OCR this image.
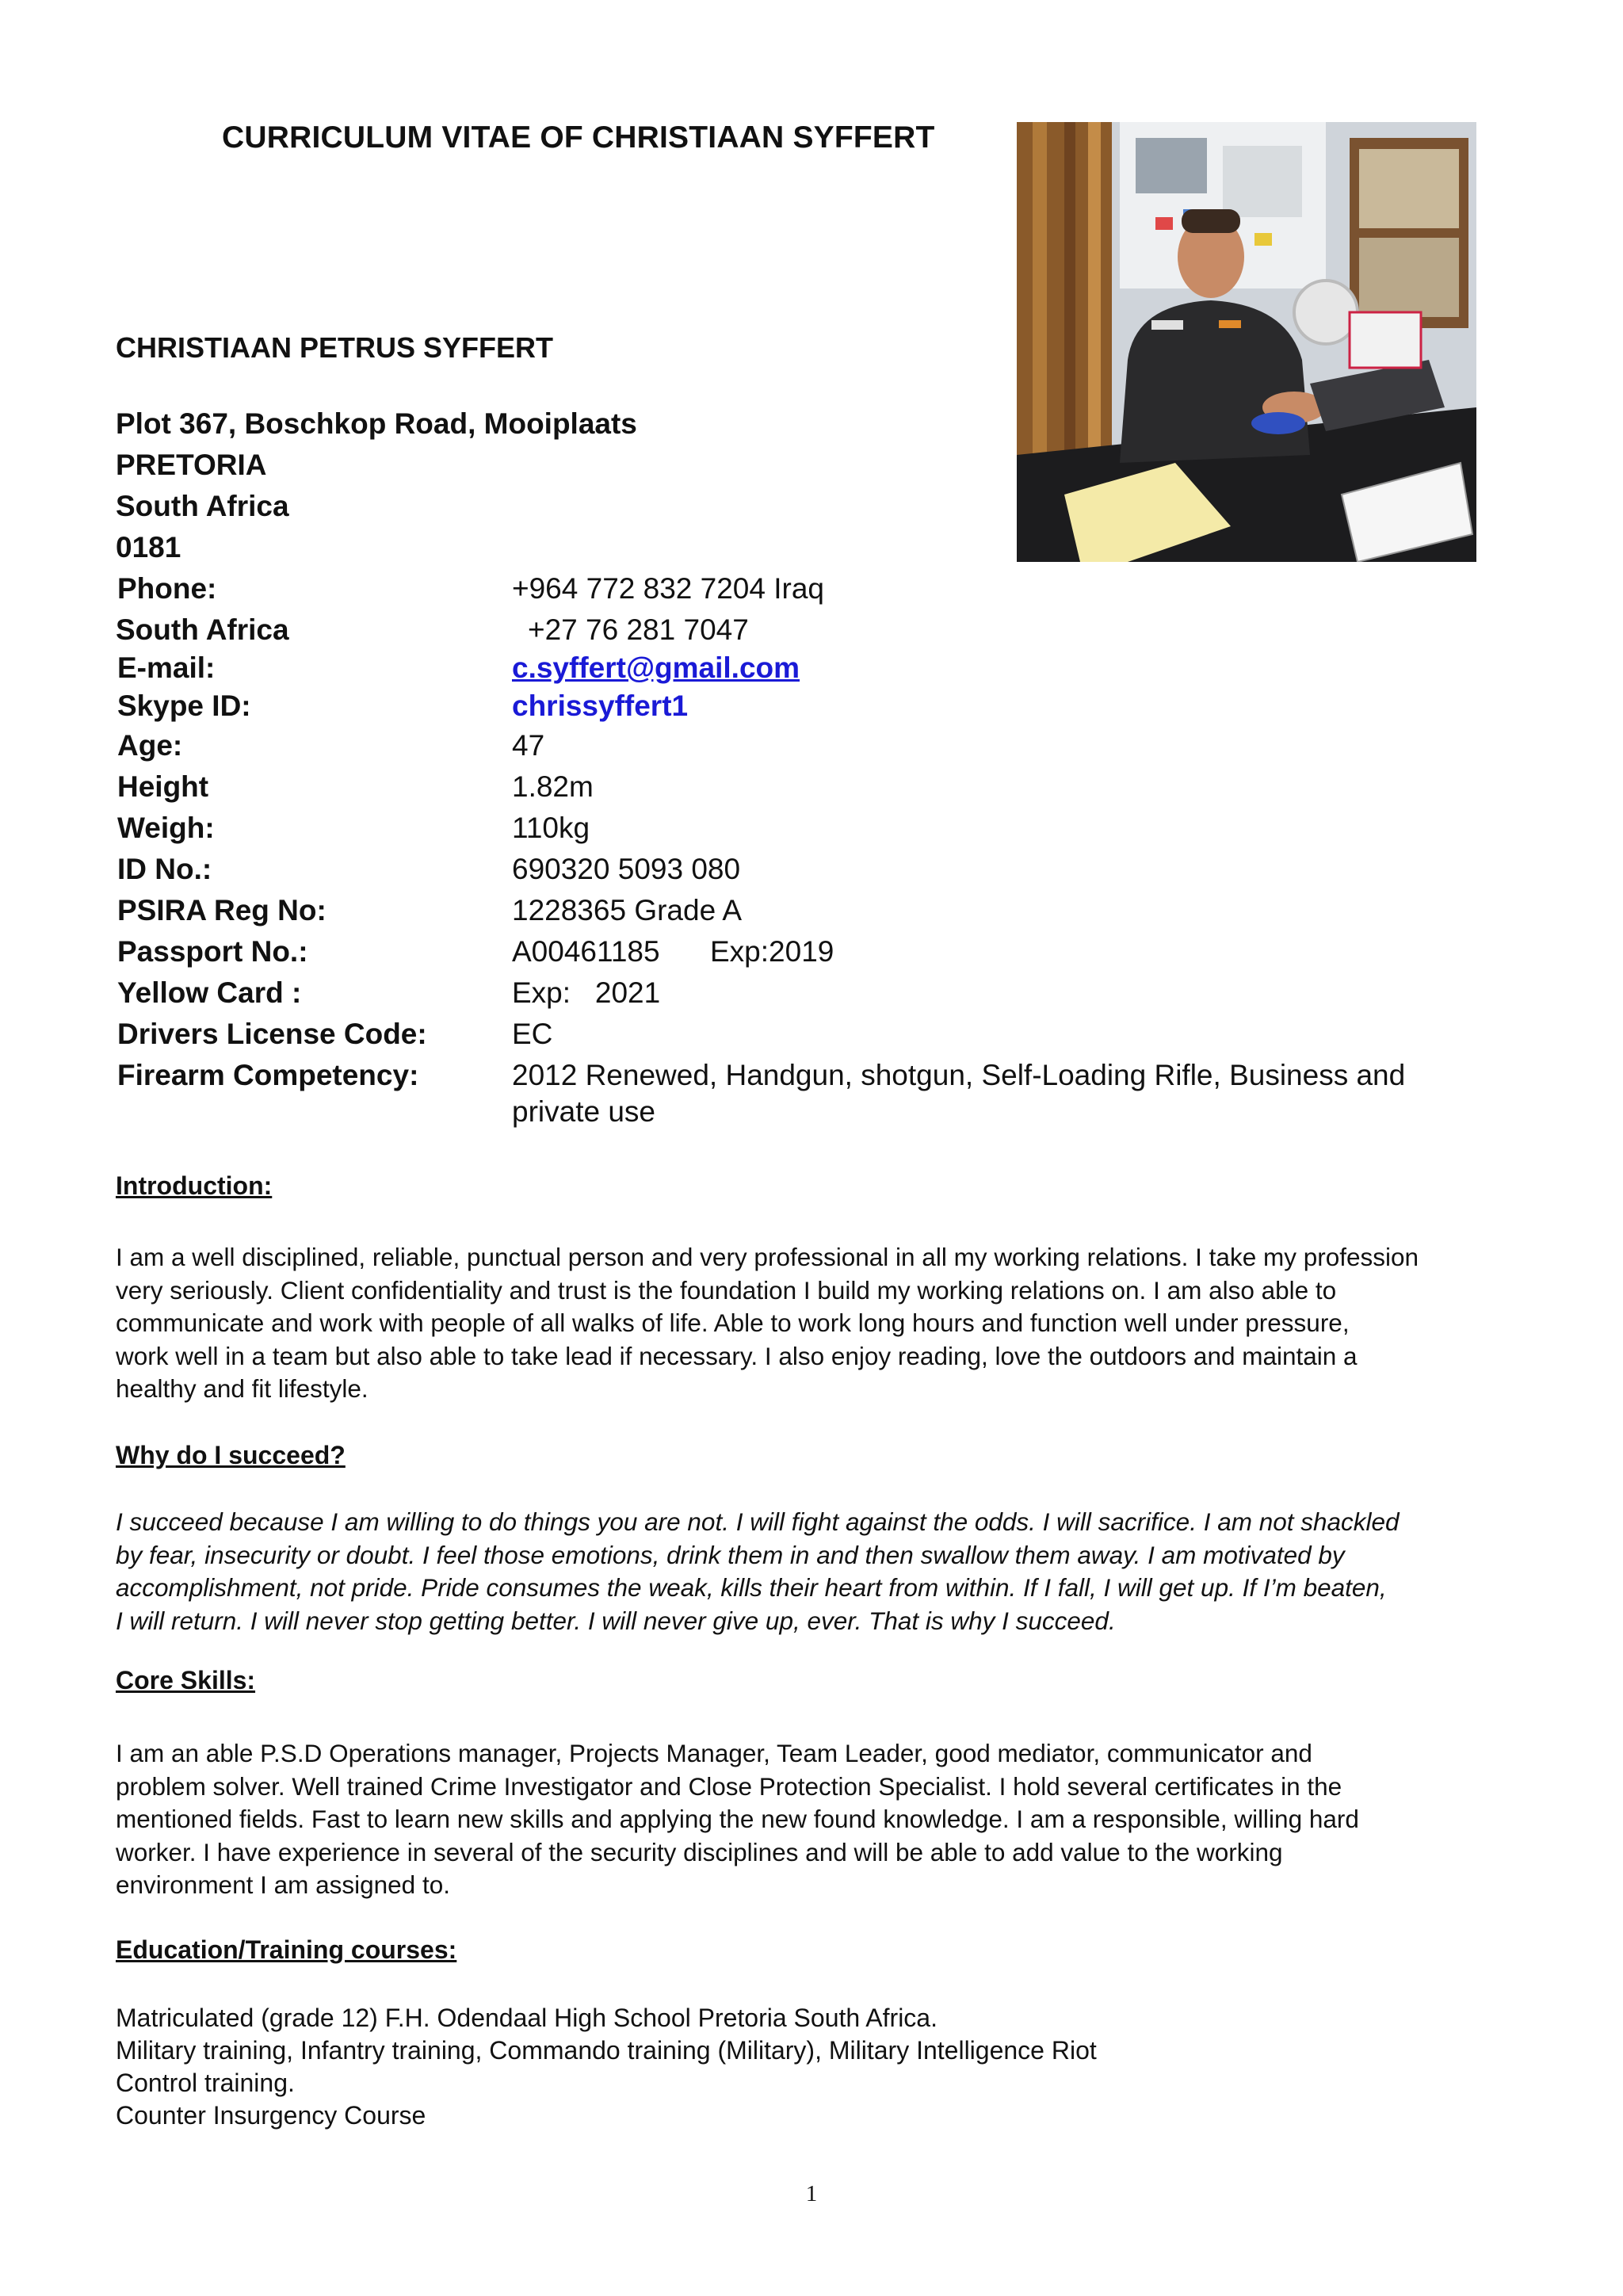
CURRICULUM VITAE OF CHRISTIAAN SYFFERT
CHRISTIAAN PETRUS SYFFERT
Plot 367, Boschkop Road, Mooiplaats
PRETORIA
South Africa
0181
Phone:	+964 772 832 7204 Iraq
South Africa	+27 76 281 7047
E-mail:	c.syffert@gmail.com
Skype ID:	chrissyffert1
Age:	47
Height	1.82m
Weigh:	110kg
ID No.:	690320 5093 080
PSIRA Reg No:	1228365 Grade A
Passport No.:	A00461185 Exp:2019
Yellow Card :	Exp:   2021
Drivers License Code:	EC
Firearm Competency:	2012 Renewed, Handgun, shotgun, Self-Loading Rifle, Business and
private use
Introduction:
I am a well disciplined, reliable, punctual person and very professional in all my working relations. I take my profession
very seriously. Client confidentiality and trust is the foundation I build my working relations on. I am also able to
communicate and work with people of all walks of life. Able to work long hours and function well under pressure,
work well in a team but also able to take lead if necessary. I also enjoy reading, love the outdoors and maintain a
healthy and fit lifestyle.
Why do I succeed?
I succeed because I am willing to do things you are not. I will fight against the odds. I will sacrifice. I am not shackled
by fear, insecurity or doubt. I feel those emotions, drink them in and then swallow them away. I am motivated by
accomplishment, not pride. Pride consumes the weak, kills their heart from within. If I fall, I will get up. If I’m beaten,
I will return. I will never stop getting better. I will never give up, ever. That is why I succeed.
Core Skills:
I am an able P.S.D Operations manager, Projects Manager, Team Leader, good mediator, communicator and
problem solver. Well trained Crime Investigator and Close Protection Specialist. I hold several certificates in the
mentioned fields. Fast to learn new skills and applying the new found knowledge. I am a responsible, willing hard
worker. I have experience in several of the security disciplines and will be able to add value to the working
environment I am assigned to.
Education/Training courses:
Matriculated (grade 12) F.H. Odendaal High School Pretoria South Africa.
Military training, Infantry training, Commando training (Military), Military Intelligence Riot
Control training.
Counter Insurgency Course
1
